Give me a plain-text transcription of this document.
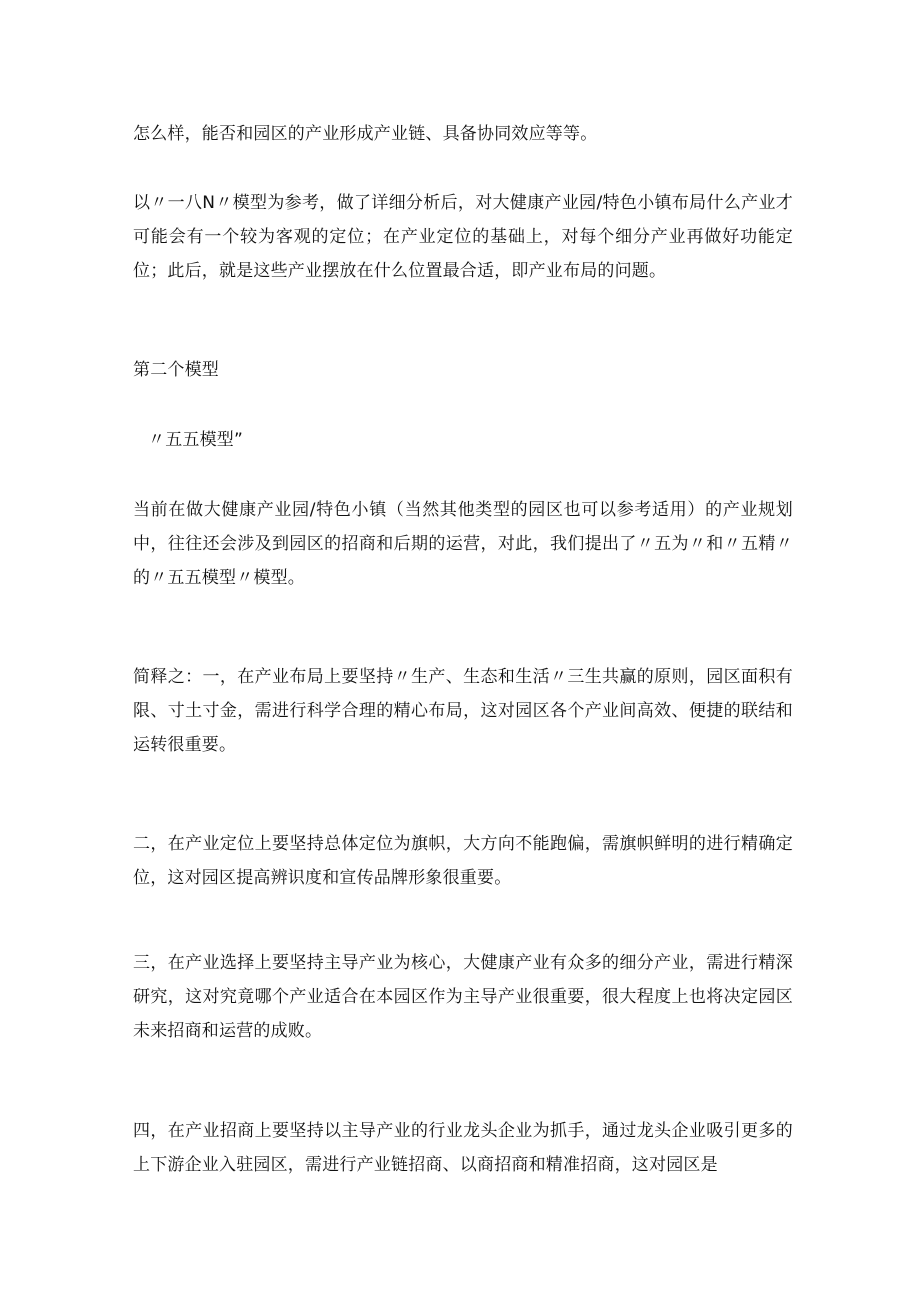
怎么样，能否和园区的产业形成产业链、具备协同效应等等。

以〃一八N〃模型为参考，做了详细分析后，对大健康产业园/特色小镇布局什么产业才可能会有一个较为客观的定位；在产业定位的基础上，对每个细分产业再做好功能定位；此后，就是这些产业摆放在什么位置最合适，即产业布局的问题。

第二个模型

〃五五模型”

当前在做大健康产业园/特色小镇（当然其他类型的园区也可以参考适用）的产业规划中，往往还会涉及到园区的招商和后期的运营，对此，我们提出了〃五为〃和〃五精〃的〃五五模型〃模型。

简释之：一，在产业布局上要坚持〃生产、生态和生活〃三生共赢的原则，园区面积有限、寸土寸金，需进行科学合理的精心布局，这对园区各个产业间高效、便捷的联结和运转很重要。

二，在产业定位上要坚持总体定位为旗帜，大方向不能跑偏，需旗帜鲜明的进行精确定位，这对园区提高辨识度和宣传品牌形象很重要。

三，在产业选择上要坚持主导产业为核心，大健康产业有众多的细分产业，需进行精深研究，这对究竟哪个产业适合在本园区作为主导产业很重要，很大程度上也将决定园区未来招商和运营的成败。

四，在产业招商上要坚持以主导产业的行业龙头企业为抓手，通过龙头企业吸引更多的上下游企业入驻园区，需进行产业链招商、以商招商和精准招商，这对园区是
